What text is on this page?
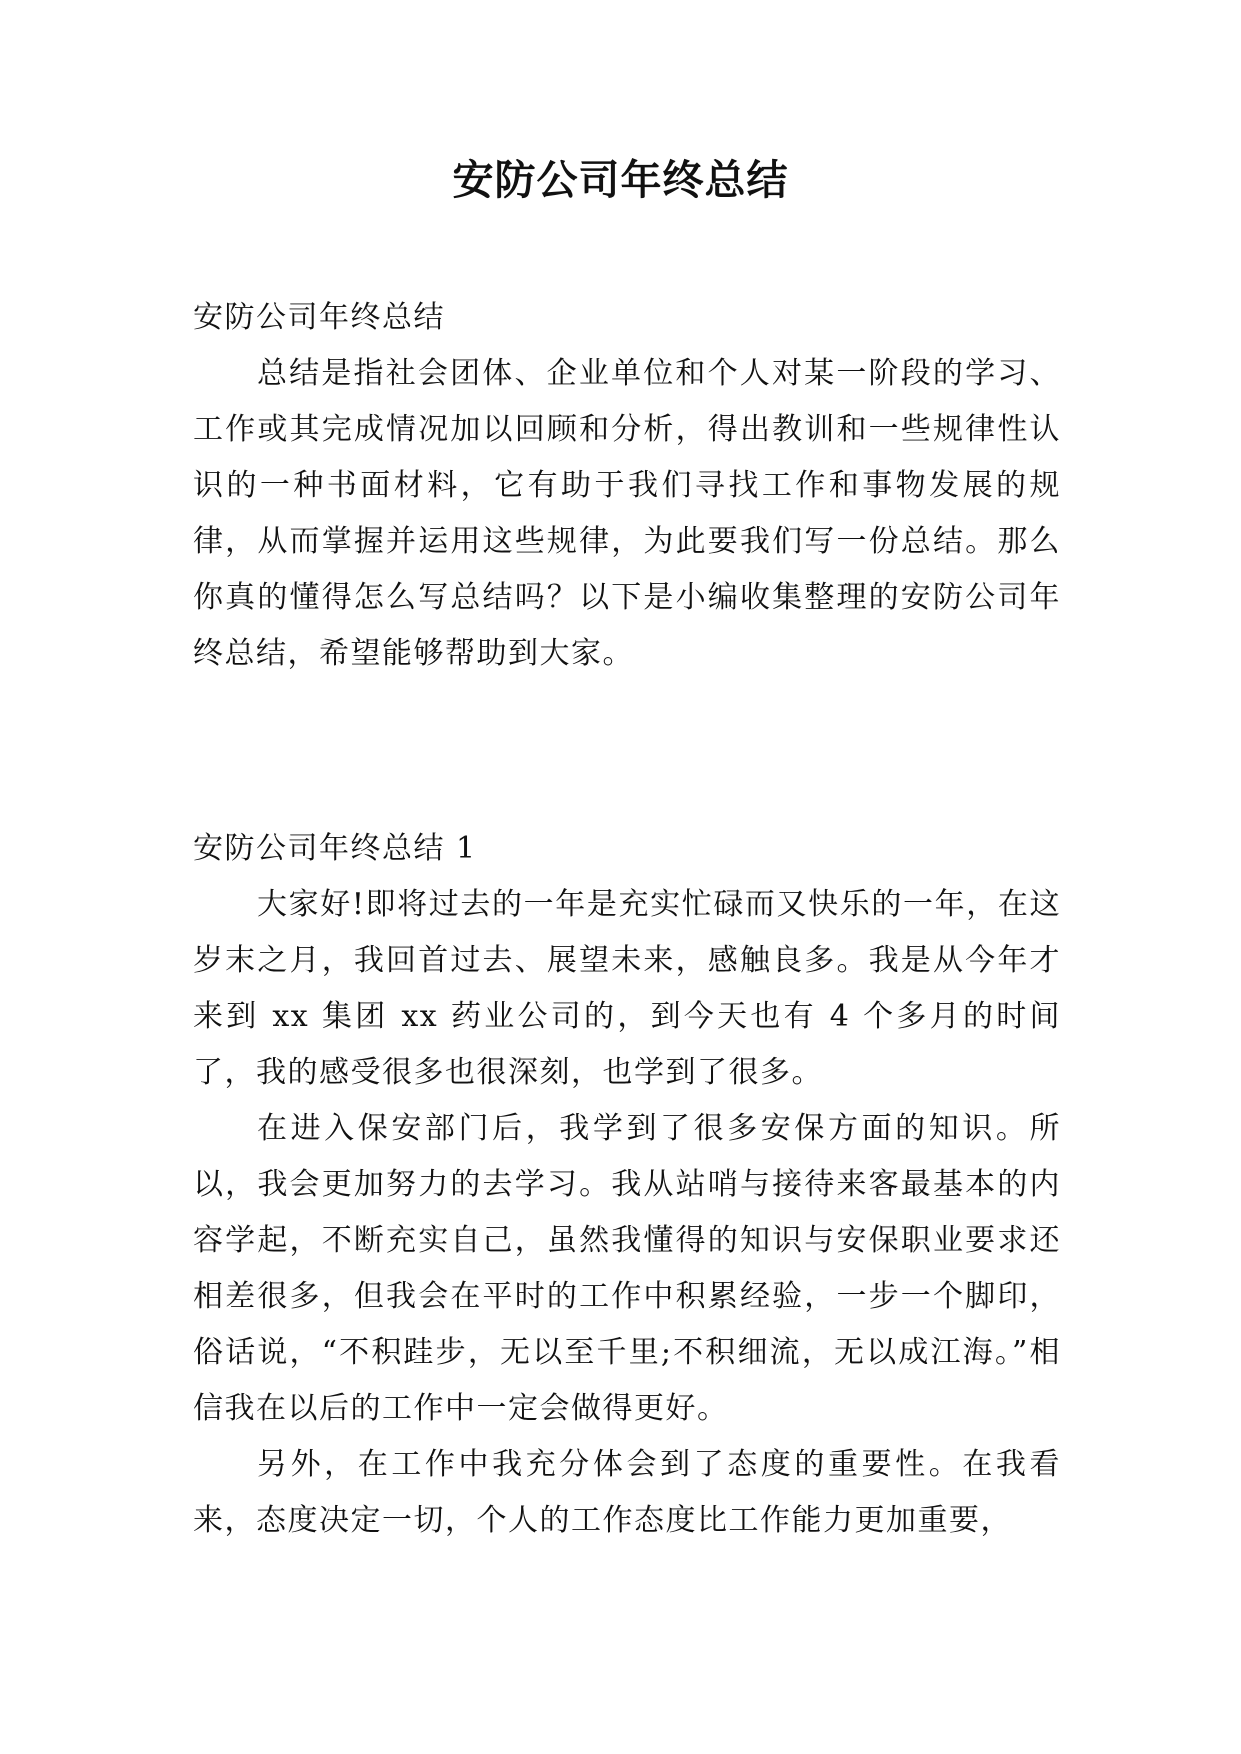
安防公司年终总结
安防公司年终总结

总结是指社会团体、企业单位和个人对某一阶段的学习、工作或其完成情况加以回顾和分析，得出教训和一些规律性认识的一种书面材料，它有助于我们寻找工作和事物发展的规律，从而掌握并运用这些规律，为此要我们写一份总结。那么你真的懂得怎么写总结吗？以下是小编收集整理的安防公司年终总结，希望能够帮助到大家。

安防公司年终总结 1

大家好!即将过去的一年是充实忙碌而又快乐的一年，在这岁末之月，我回首过去、展望未来，感触良多。我是从今年才来到 xx 集团 xx 药业公司的，到今天也有 4 个多月的时间了，我的感受很多也很深刻，也学到了很多。

在进入保安部门后，我学到了很多安保方面的知识。所以，我会更加努力的去学习。我从站哨与接待来客最基本的内容学起，不断充实自己，虽然我懂得的知识与安保职业要求还相差很多，但我会在平时的工作中积累经验，一步一个脚印，俗话说，“不积跬步，无以至千里;不积细流，无以成江海。”相信我在以后的工作中一定会做得更好。

另外，在工作中我充分体会到了态度的重要性。在我看来，态度决定一切，个人的工作态度比工作能力更加重要，
